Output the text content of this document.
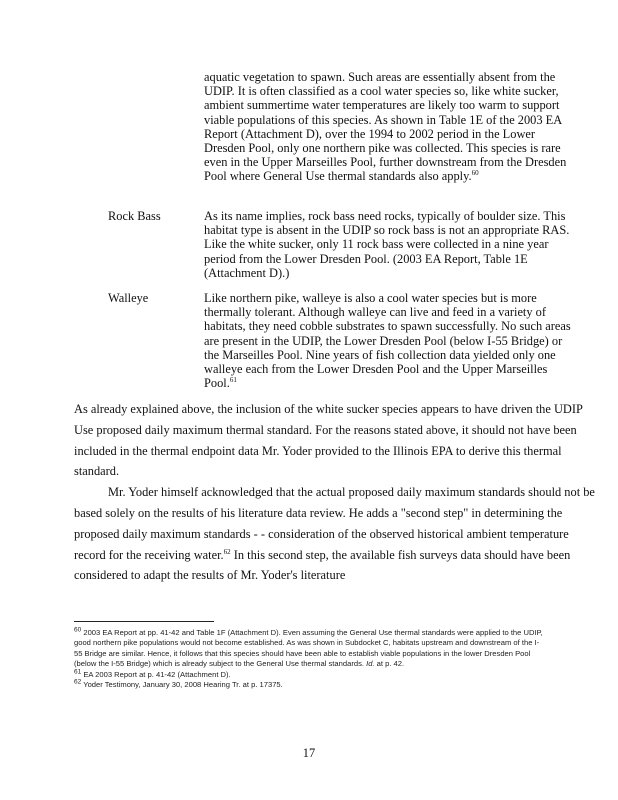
aquatic vegetation to spawn. Such areas are essentially absent from the UDIP. It is often classified as a cool water species so, like white sucker, ambient summertime water temperatures are likely too warm to support viable populations of this species. As shown in Table 1E of the 2003 EA Report (Attachment D), over the 1994 to 2002 period in the Lower Dresden Pool, only one northern pike was collected. This species is rare even in the Upper Marseilles Pool, further downstream from the Dresden Pool where General Use thermal standards also apply.$^{60}$
Rock Bass	As its name implies, rock bass need rocks, typically of boulder size. This habitat type is absent in the UDIP so rock bass is not an appropriate RAS. Like the white sucker, only 11 rock bass were collected in a nine year period from the Lower Dresden Pool. (2003 EA Report, Table 1E (Attachment D).)
Walleye	Like northern pike, walleye is also a cool water species but is more thermally tolerant. Although walleye can live and feed in a variety of habitats, they need cobble substrates to spawn successfully. No such areas are present in the UDIP, the Lower Dresden Pool (below I-55 Bridge) or the Marseilles Pool. Nine years of fish collection data yielded only one walleye each from the Lower Dresden Pool and the Upper Marseilles Pool.$^{61}$

As already explained above, the inclusion of the white sucker species appears to have driven the UDIP Use proposed daily maximum thermal standard. For the reasons stated above, it should not have been included in the thermal endpoint data Mr. Yoder provided to the Illinois EPA to derive this thermal standard.

Mr. Yoder himself acknowledged that the actual proposed daily maximum standards should not be based solely on the results of his literature data review. He adds a "second step" in determining the proposed daily maximum standards - - consideration of the observed historical ambient temperature record for the receiving water.$^{62}$ In this second step, the available fish surveys data should have been considered to adapt the results of Mr. Yoder's literature

60 2003 EA Report at pp. 41-42 and Table 1F (Attachment D). Even assuming the General Use thermal standards were applied to the UDIP, good northern pike populations would not become established. As was shown in Subdocket C, habitats upstream and downstream of the I-55 Bridge are similar. Hence, it follows that this species should have been able to establish viable populations in the lower Dresden Pool (below the I-55 Bridge) which is already subject to the General Use thermal standards. Id. at p. 42.

61 EA 2003 Report at p. 41-42 (Attachment D).

62 Yoder Testimony, January 30, 2008 Hearing Tr. at p. 17375.

17
